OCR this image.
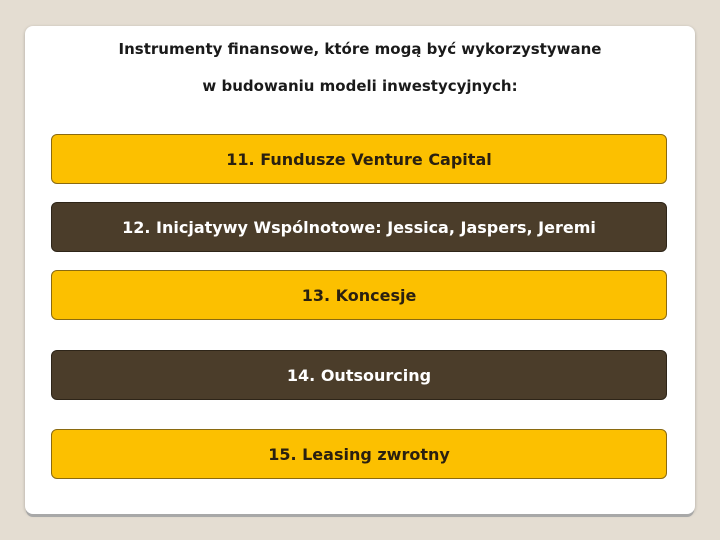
Instrumenty finansowe, które mogą być wykorzystywane

w budowaniu modeli inwestycyjnych:

11. Fundusze Venture Capital
12. Inicjatywy Wspólnotowe: Jessica, Jaspers, Jeremi
13. Koncesje
14. Outsourcing
15. Leasing zwrotny
